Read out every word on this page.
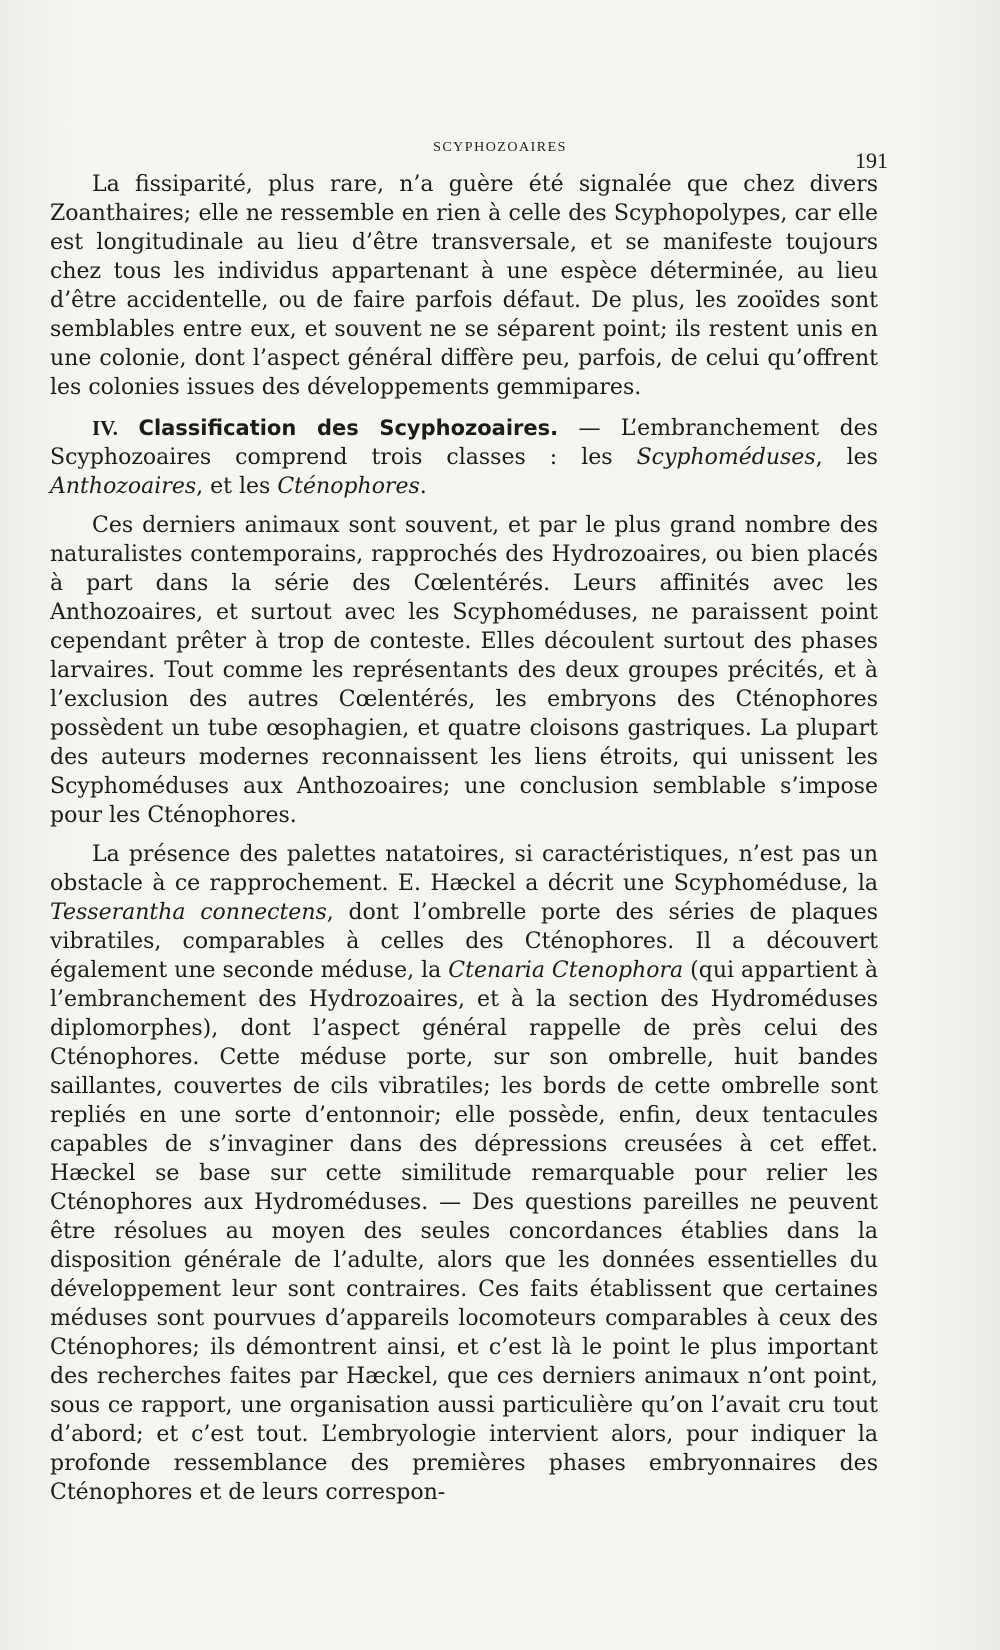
SCYPHOZOAIRES
191

La fissiparité, plus rare, n’a guère été signalée que chez divers Zoanthaires; elle ne ressemble en rien à celle des Scyphopolypes, car elle est longitudinale au lieu d’être transversale, et se manifeste toujours chez tous les individus appartenant à une espèce déterminée, au lieu d’être accidentelle, ou de faire parfois défaut. De plus, les zooïdes sont semblables entre eux, et souvent ne se séparent point; ils restent unis en une colonie, dont l’aspect général diffère peu, parfois, de celui qu’offrent les colonies issues des développements gemmipares.

IV. Classification des Scyphozoaires. — L’embranchement des Scyphozoaires comprend trois classes : les Scyphoméduses, les Anthozoaires, et les Cténophores.

Ces derniers animaux sont souvent, et par le plus grand nombre des naturalistes contemporains, rapprochés des Hydrozoaires, ou bien placés à part dans la série des Cœlentérés. Leurs affinités avec les Anthozoaires, et surtout avec les Scyphoméduses, ne paraissent point cependant prêter à trop de conteste. Elles découlent surtout des phases larvaires. Tout comme les représentants des deux groupes précités, et à l’exclusion des autres Cœlentérés, les embryons des Cténophores possèdent un tube œsophagien, et quatre cloisons gastriques. La plupart des auteurs modernes reconnaissent les liens étroits, qui unissent les Scyphoméduses aux Anthozoaires; une conclusion semblable s’impose pour les Cténophores.

La présence des palettes natatoires, si caractéristiques, n’est pas un obstacle à ce rapprochement. E. Hæckel a décrit une Scyphoméduse, la Tesserantha connectens, dont l’ombrelle porte des séries de plaques vibratiles, comparables à celles des Cténophores. Il a découvert également une seconde méduse, la Ctenaria Ctenophora (qui appartient à l’embranchement des Hydrozoaires, et à la section des Hydroméduses diplomorphes), dont l’aspect général rappelle de près celui des Cténophores. Cette méduse porte, sur son ombrelle, huit bandes saillantes, couvertes de cils vibratiles; les bords de cette ombrelle sont repliés en une sorte d’entonnoir; elle possède, enfin, deux tentacules capables de s’invaginer dans des dépressions creusées à cet effet. Hæckel se base sur cette similitude remarquable pour relier les Cténophores aux Hydroméduses. — Des questions pareilles ne peuvent être résolues au moyen des seules concordances établies dans la disposition générale de l’adulte, alors que les données essentielles du développement leur sont contraires. Ces faits établissent que certaines méduses sont pourvues d’appareils locomoteurs comparables à ceux des Cténophores; ils démontrent ainsi, et c’est là le point le plus important des recherches faites par Hæckel, que ces derniers animaux n’ont point, sous ce rapport, une organisation aussi particulière qu’on l’avait cru tout d’abord; et c’est tout. L’embryologie intervient alors, pour indiquer la profonde ressemblance des premières phases embryonnaires des Cténophores et de leurs correspon-
